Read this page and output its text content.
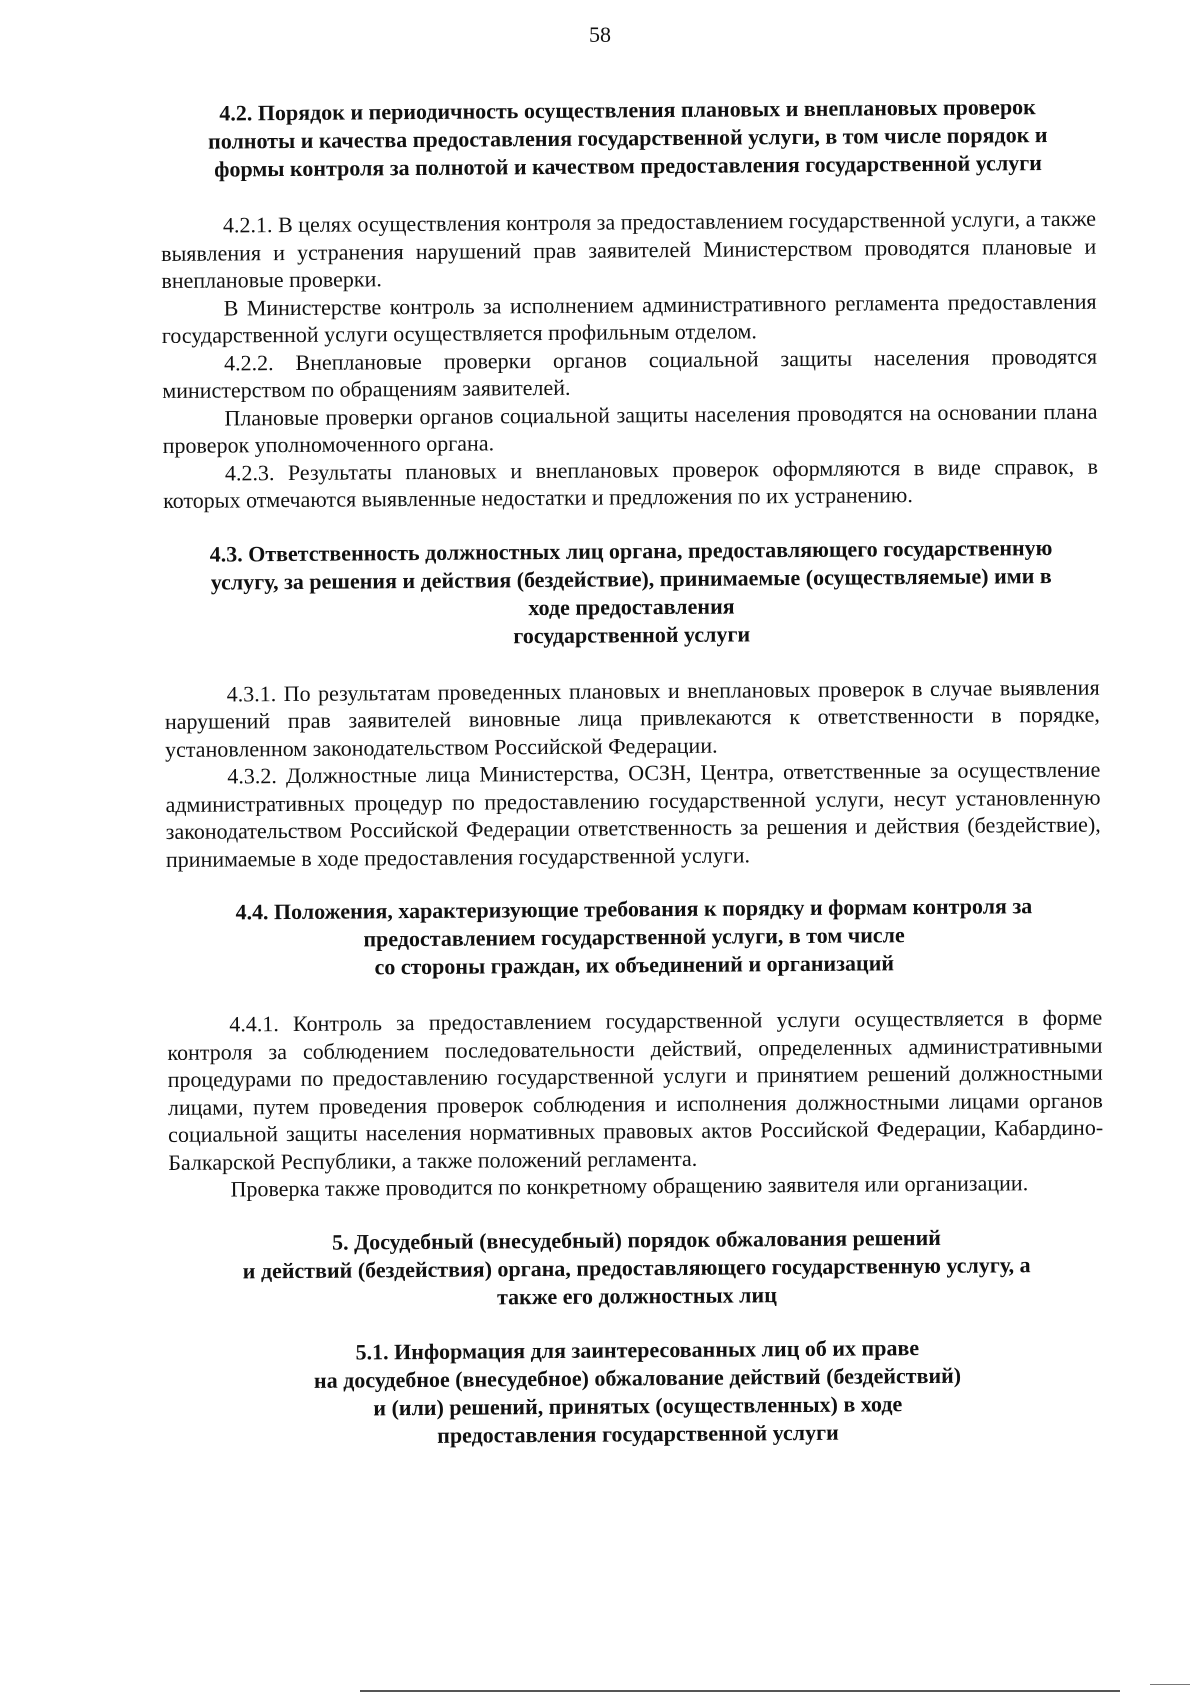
58
4.2. Порядок и периодичность осуществления плановых и внеплановых проверок
полноты и качества предоставления государственной услуги, в том числе порядок и
формы контроля за полнотой и качеством предоставления государственной услуги

4.2.1. В целях осуществления контроля за предоставлением государственной услуги, а также выявления и устранения нарушений прав заявителей Министерством проводятся плановые и внеплановые проверки.

В Министерстве контроль за исполнением административного регламента предоставления государственной услуги осуществляется профильным отделом.

4.2.2. Внеплановые проверки органов социальной защиты населения проводятся министерством по обращениям заявителей.

Плановые проверки органов социальной защиты населения проводятся на основании плана проверок уполномоченного органа.

4.2.3. Результаты плановых и внеплановых проверок оформляются в виде справок, в которых отмечаются выявленные недостатки и предложения по их устранению.

4.3. Ответственность должностных лиц органа, предоставляющего государственную
услугу, за решения и действия (бездействие), принимаемые (осуществляемые) ими в
ходе предоставления
государственной услуги

4.3.1. По результатам проведенных плановых и внеплановых проверок в случае выявления нарушений прав заявителей виновные лица привлекаются к ответственности в порядке, установленном законодательством Российской Федерации.

4.3.2. Должностные лица Министерства, ОСЗН, Центра, ответственные за осуществление административных процедур по предоставлению государственной услуги, несут установленную законодательством Российской Федерации ответственность за решения и действия (бездействие), принимаемые в ходе предоставления государственной услуги.

4.4. Положения, характеризующие требования к порядку и формам контроля за
предоставлением государственной услуги, в том числе
со стороны граждан, их объединений и организаций

4.4.1. Контроль за предоставлением государственной услуги осуществляется в форме контроля за соблюдением последовательности действий, определенных административными процедурами по предоставлению государственной услуги и принятием решений должностными лицами, путем проведения проверок соблюдения и исполнения должностными лицами органов социальной защиты населения нормативных правовых актов Российской Федерации, Кабардино-Балкарской Республики, а также положений регламента.

Проверка также проводится по конкретному обращению заявителя или организации.

5. Досудебный (внесудебный) порядок обжалования решений
и действий (бездействия) органа, предоставляющего государственную услугу, а
также его должностных лиц
5.1. Информация для заинтересованных лиц об их праве
на досудебное (внесудебное) обжалование действий (бездействий)
и (или) решений, принятых (осуществленных) в ходе
предоставления государственной услуги
